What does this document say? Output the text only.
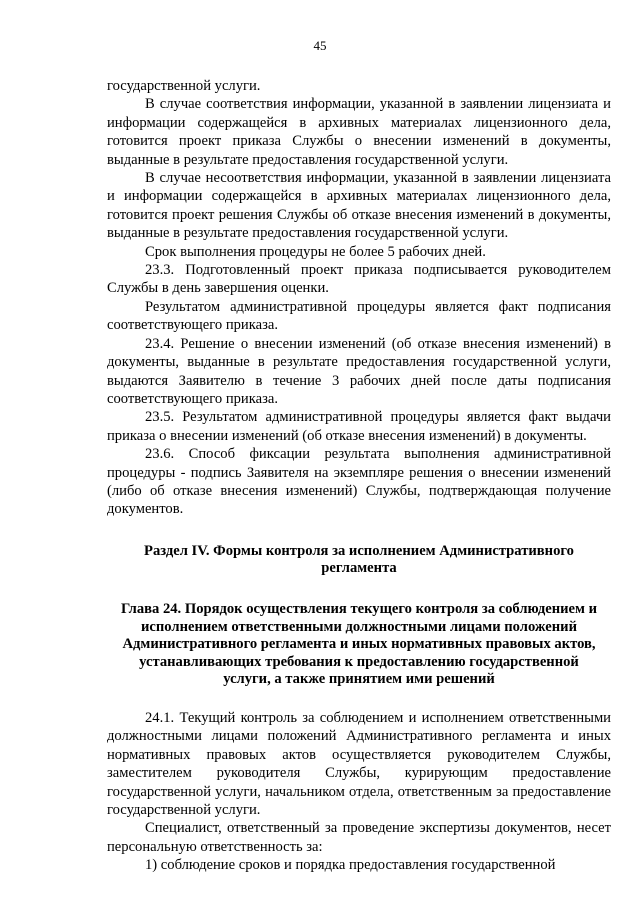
45

государственной услуги.

В случае соответствия информации, указанной в заявлении лицензиата и информации содержащейся в архивных материалах лицензионного дела, готовится проект приказа Службы о внесении изменений в документы, выданные в результате предоставления государственной услуги.

В случае несоответствия информации, указанной в заявлении лицензиата и информации содержащейся в архивных материалах лицензионного дела, готовится проект решения Службы об отказе внесения изменений в документы, выданные в результате предоставления государственной услуги.

Срок выполнения процедуры не более 5 рабочих дней.

23.3. Подготовленный проект приказа подписывается руководителем Службы в день завершения оценки.

Результатом административной процедуры является факт подписания соответствующего приказа.

23.4. Решение о внесении изменений (об отказе внесения изменений) в документы, выданные в результате предоставления государственной услуги, выдаются Заявителю в течение 3 рабочих дней после даты подписания соответствующего приказа.

23.5. Результатом административной процедуры является факт выдачи приказа о внесении изменений (об отказе внесения изменений) в документы.

23.6. Способ фиксации результата выполнения административной процедуры - подпись Заявителя на экземпляре решения о внесении изменений (либо об отказе внесения изменений) Службы, подтверждающая получение документов.

Раздел IV. Формы контроля за исполнением Административного
регламента
Глава 24. Порядок осуществления текущего контроля за соблюдением и
исполнением ответственными должностными лицами положений
Административного регламента и иных нормативных правовых актов,
устанавливающих требования к предоставлению государственной
услуги, а также принятием ими решений

24.1. Текущий контроль за соблюдением и исполнением ответственными должностными лицами положений Административного регламента и иных нормативных правовых актов осуществляется руководителем Службы, заместителем руководителя Службы, курирующим предоставление государственной услуги, начальником отдела, ответственным за предоставление государственной услуги.

Специалист, ответственный за проведение экспертизы документов, несет персональную ответственность за:

1) соблюдение сроков и порядка предоставления государственной
